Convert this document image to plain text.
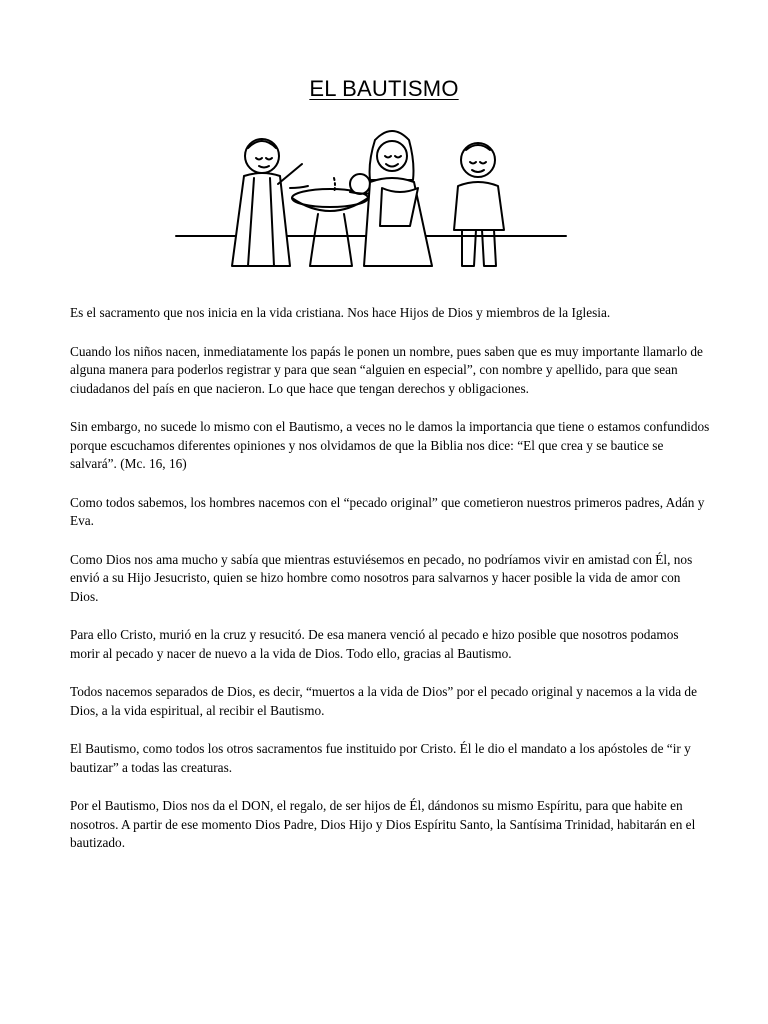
EL BAUTISMO

Es el sacramento que nos inicia en la vida cristiana. Nos hace Hijos de Dios y miembros de la Iglesia.

Cuando los niños nacen, inmediatamente los papás le ponen un nombre, pues saben que es muy importante llamarlo de alguna manera para poderlos registrar y para que sean “alguien en especial”, con nombre y apellido, para que sean ciudadanos del país en que nacieron. Lo que hace que tengan derechos y obligaciones.

Sin embargo, no sucede lo mismo con el Bautismo, a veces no le damos la importancia que tiene o estamos confundidos porque escuchamos diferentes opiniones y nos olvidamos de que la Biblia nos dice: “El que crea y se bautice se salvará”. (Mc. 16, 16)

Como todos sabemos, los hombres nacemos con el “pecado original” que cometieron nuestros primeros padres, Adán y Eva.

Como Dios nos ama mucho y sabía que mientras estuviésemos en pecado, no podríamos vivir en amistad con Él, nos envió a su Hijo Jesucristo, quien se hizo hombre como nosotros para salvarnos y hacer posible la vida de amor con Dios.

Para ello Cristo, murió en la cruz y resucitó. De esa manera venció al pecado e hizo posible que nosotros podamos morir al pecado y nacer de nuevo a la vida de Dios. Todo ello, gracias al Bautismo.

Todos nacemos separados de Dios, es decir, “muertos a la vida de Dios” por el pecado original y nacemos a la vida de Dios, a la vida espiritual, al recibir el Bautismo.

El Bautismo, como todos los otros sacramentos fue instituido por Cristo. Él le dio el mandato a los apóstoles de “ir y bautizar” a todas las creaturas.

Por el Bautismo, Dios nos da el DON, el regalo, de ser hijos de Él, dándonos su mismo Espíritu, para que habite en nosotros. A partir de ese momento Dios Padre, Dios Hijo y Dios Espíritu Santo, la Santísima Trinidad, habitarán en el bautizado.
